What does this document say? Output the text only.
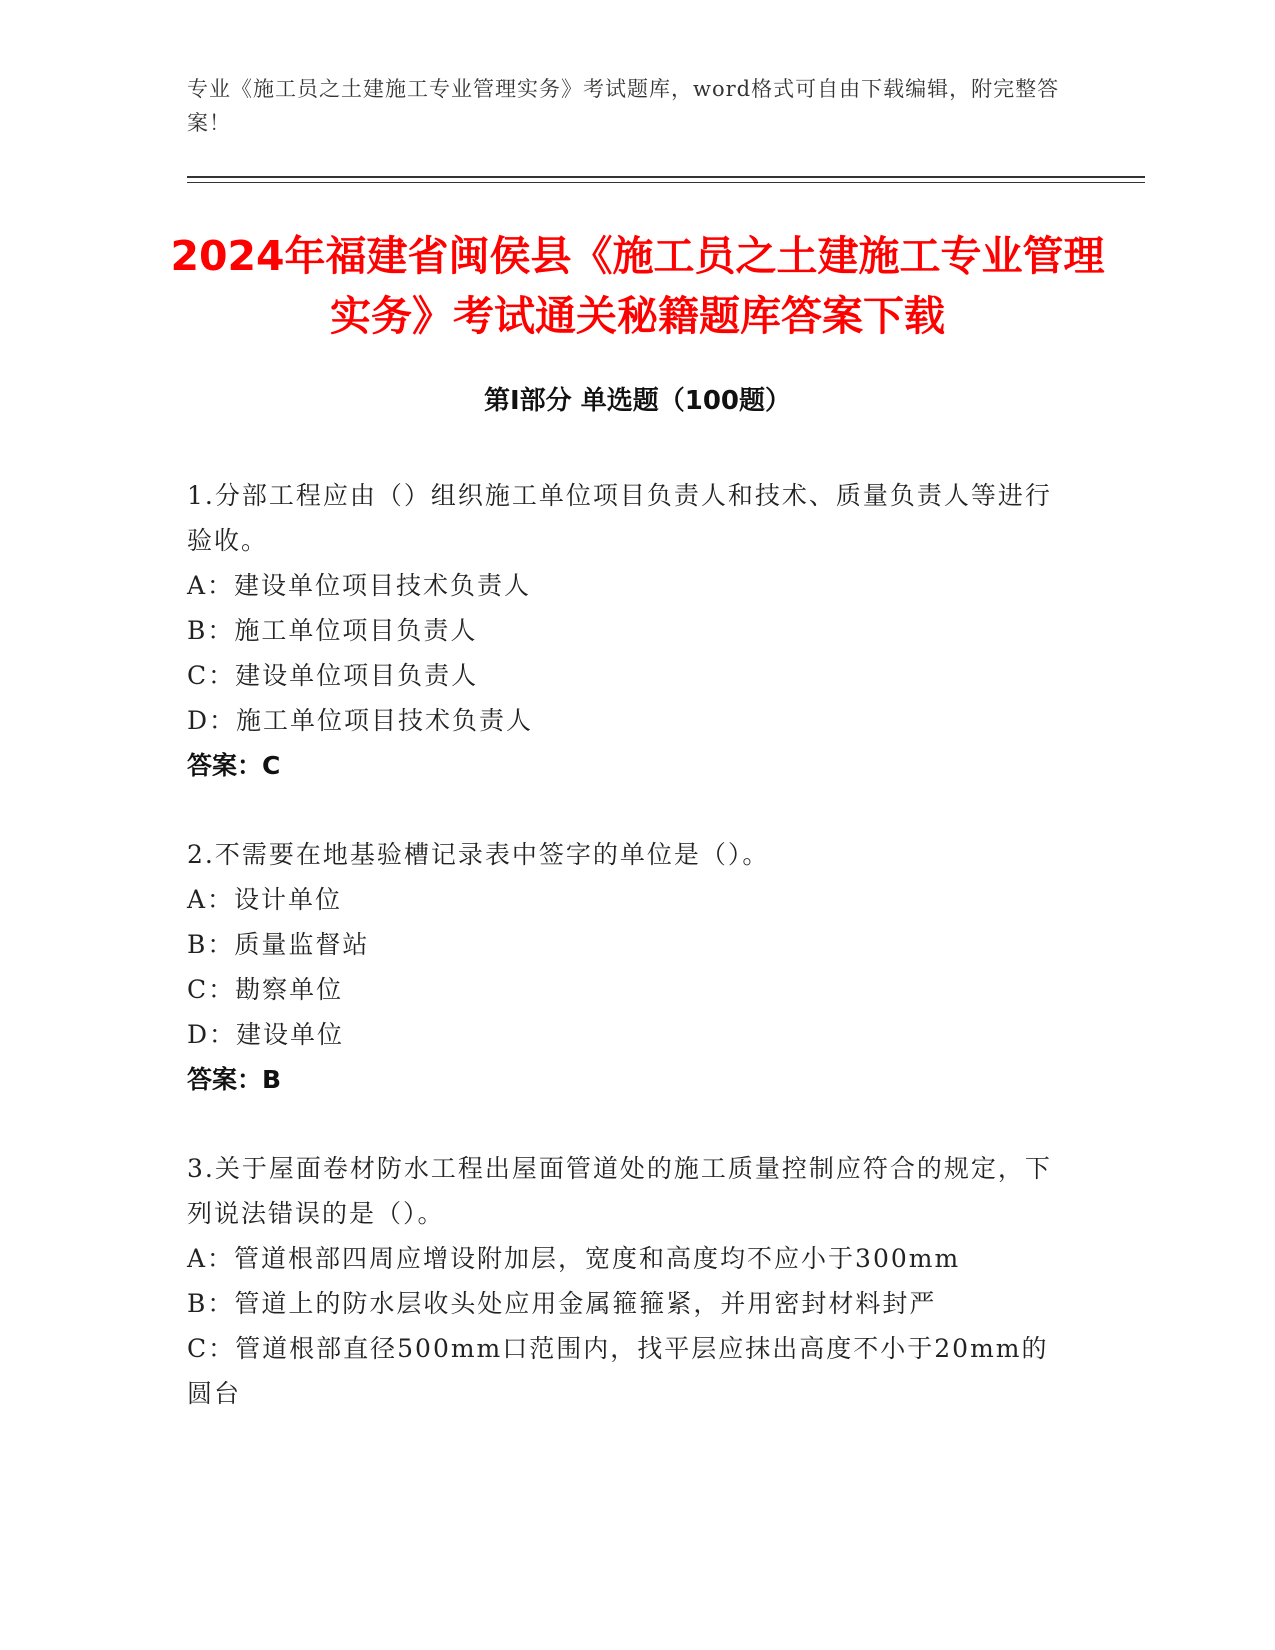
专业《施工员之土建施工专业管理实务》考试题库，word格式可自由下载编辑，附完整答案！
2024年福建省闽侯县《施工员之土建施工专业管理实务》考试通关秘籍题库答案下载
第Ⅰ部分 单选题（100题）

1.分部工程应由（）组织施工单位项目负责人和技术、质量负责人等进行验收。

A：建设单位项目技术负责人

B：施工单位项目负责人

C：建设单位项目负责人

D：施工单位项目技术负责人

答案：C

2.不需要在地基验槽记录表中签字的单位是（）。

A：设计单位

B：质量监督站

C：勘察单位

D：建设单位

答案：B

3.关于屋面卷材防水工程出屋面管道处的施工质量控制应符合的规定，下列说法错误的是（）。

A：管道根部四周应增设附加层，宽度和高度均不应小于300mm

B：管道上的防水层收头处应用金属箍箍紧，并用密封材料封严

C：管道根部直径500mm口范围内，找平层应抹出高度不小于20mm的圆台
